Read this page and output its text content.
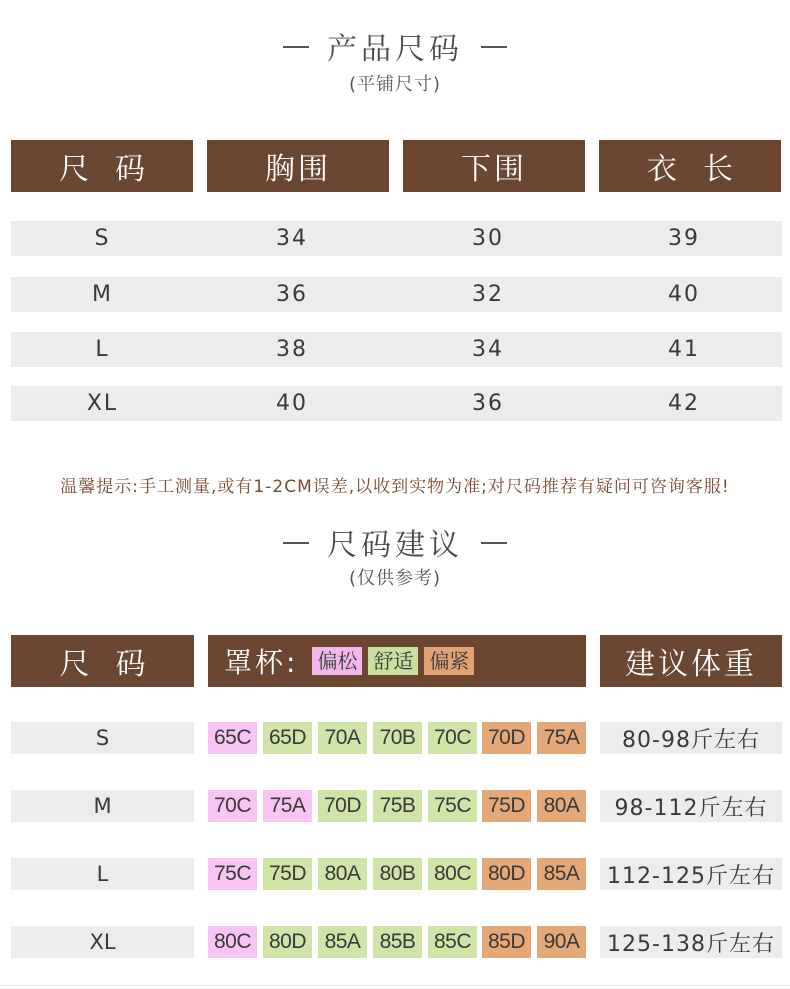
产品尺码
(平铺尺寸)
尺码	胸围	下围	衣长
S	34	30	39
M	36	32	40
L	38	34	41
XL	40	36	42
温馨提示:手工测量,或有1-2CM误差,以收到实物为准;对尺码推荐有疑问可咨询客服!
尺码建议
(仅供参考)
尺码	罩杯: 偏松 舒适 偏紧	建议体重
S	65C 65D 70A 70B 70C 70D 75A	80-98斤左右
M	70C 75A 70D 75B 75C 75D 80A	98-112斤左右
L	75C 75D 80A 80B 80C 80D 85A	112-125斤左右
XL	80C 80D 85A 85B 85C 85D 90A	125-138斤左右
